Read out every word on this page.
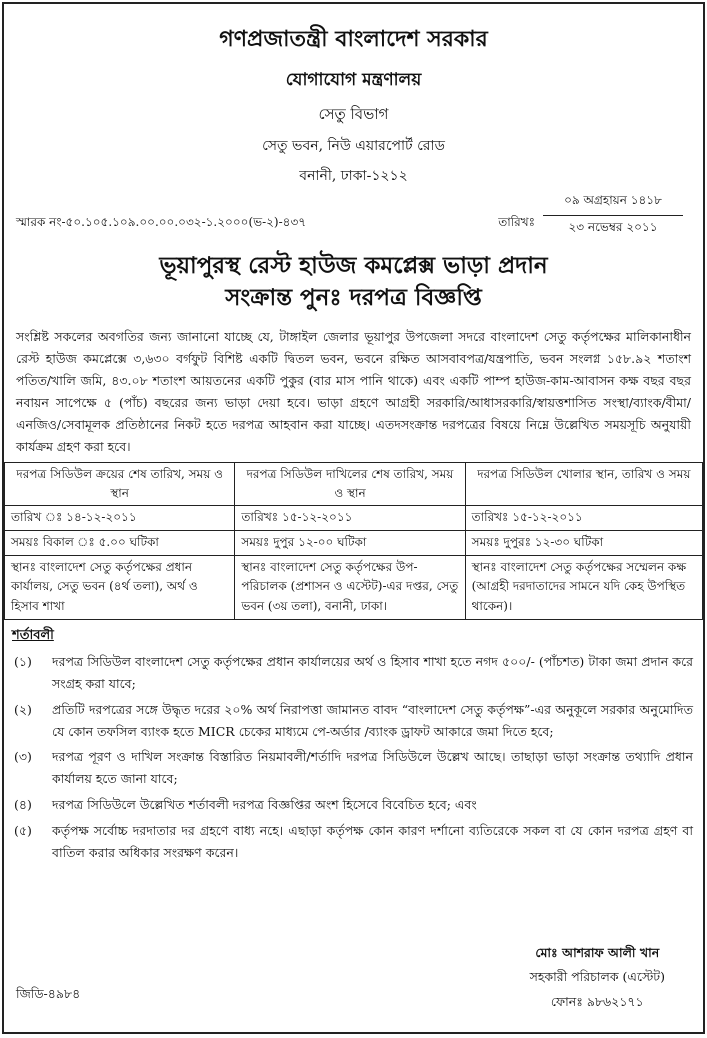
গণপ্রজাতন্ত্রী বাংলাদেশ সরকার
যোগাযোগ মন্ত্রণালয়
সেতু বিভাগ
সেতু ভবন, নিউ এয়ারপোর্ট রোড
বনানী, ঢাকা-১২১২
স্মারক নং-৫০.১০৫.১০৯.০০.০০.০৩২-১.২০০০(ভ-২)-৪৩৭	তারিখঃ
০৯ অগ্রহায়ন ১৪১৮
২৩ নভেম্বর ২০১১
ভূয়াপুরস্থ রেস্ট হাউজ কমপ্লেক্স ভাড়া প্রদান
সংক্রান্ত পুনঃ দরপত্র বিজ্ঞপ্তি
সংশ্লিষ্ট সকলের অবগতির জন্য জানানো যাচ্ছে যে, টাঙ্গাইল জেলার ভূয়াপুর উপজেলা সদরে বাংলাদেশ সেতু কর্তৃপক্ষের মালিকানাধীন রেস্ট হাউজ কমপ্লেক্সে ৩,৬৩০ বর্গফুট বিশিষ্ট একটি দ্বিতল ভবন, ভবনে রক্ষিত আসবাবপত্র/যন্ত্রপাতি, ভবন সংলগ্ন ১৫৮.৯২ শতাংশ পতিত/খালি জমি, ৪৩.০৮ শতাংশ আয়তনের একটি পুকুর (বার মাস পানি থাকে) এবং একটি পাম্প হাউজ-কাম-আবাসন কক্ষ বছর বছর নবায়ন সাপেক্ষে ৫ (পাঁচ) বছরের জন্য ভাড়া দেয়া হবে। ভাড়া গ্রহণে আগ্রহী সরকারি/আধাসরকারি/স্বায়ত্তশাসিত সংস্থা/ব্যাংক/বীমা/এনজিও/সেবামূলক প্রতিষ্ঠানের নিকট হতে দরপত্র আহবান করা যাচ্ছে। এতদসংক্রান্ত দরপত্রের বিষয়ে নিম্নে উল্লেখিত সময়সূচি অনুযায়ী কার্যক্রম গ্রহণ করা হবে।
দরপত্র সিডিউল ক্রয়ের শেষ তারিখ, সময় ও স্থান	দরপত্র সিডিউল দাখিলের শেষ তারিখ, সময় ও স্থান	দরপত্র সিডিউল খোলার স্থান, তারিখ ও সময়
তারিখ ঃ ১৪-১২-২০১১	তারিখঃ ১৫-১২-২০১১	তারিখঃ ১৫-১২-২০১১
সময়ঃ বিকাল ঃ ৫.০০ ঘটিকা	সময়ঃ দুপুর ১২-০০ ঘটিকা	সময়ঃ দুপুরঃ ১২-৩০ ঘটিকা
স্থানঃ বাংলাদেশ সেতু কর্তৃপক্ষের প্রধান কার্যালয়, সেতু ভবন (৪র্থ তলা), অর্থ ও হিসাব শাখা	স্থানঃ বাংলাদেশ সেতু কর্তৃপক্ষের উপ-পরিচালক (প্রশাসন ও এস্টেট)-এর দপ্তর, সেতু ভবন (৩য় তলা), বনানী, ঢাকা।	স্থানঃ বাংলাদেশ সেতু কর্তৃপক্ষের সম্মেলন কক্ষ (আগ্রহী দরদাতাদের সামনে যদি কেহ উপস্থিত থাকেন)।
শর্তাবলী
(১)	দরপত্র সিডিউল বাংলাদেশ সেতু কর্তৃপক্ষের প্রধান কার্যালয়ের অর্থ ও হিসাব শাখা হতে নগদ ৫০০/- (পাঁচশত) টাকা জমা প্রদান করে সংগ্রহ করা যাবে;
(২)	প্রতিটি দরপত্রের সঙ্গে উদ্ধৃত দরের ২০% অর্থ নিরাপত্তা জামানত বাবদ “বাংলাদেশ সেতু কর্তৃপক্ষ”-এর অনুকূলে সরকার অনুমোদিত যে কোন তফসিল ব্যাংক হতে MICR চেকের মাধ্যমে পে-অর্ডার /ব্যাংক ড্রাফট আকারে জমা দিতে হবে;
(৩)	দরপত্র পূরণ ও দাখিল সংক্রান্ত বিস্তারিত নিয়মাবলী/শর্তাদি দরপত্র সিডিউলে উল্লেখ আছে। তাছাড়া ভাড়া সংক্রান্ত তথ্যাদি প্রধান কার্যালয় হতে জানা যাবে;
(৪)	দরপত্র সিডিউলে উল্লেখিত শর্তাবলী দরপত্র বিজ্ঞপ্তির অংশ হিসেবে বিবেচিত হবে; এবং
(৫)	কর্তৃপক্ষ সর্বোচ্চ দরদাতার দর গ্রহণে বাধ্য নহে। এছাড়া কর্তৃপক্ষ কোন কারণ দর্শানো ব্যতিরেকে সকল বা যে কোন দরপত্র গ্রহণ বা বাতিল করার অধিকার সংরক্ষণ করেন।
জিডি-৪৯৮৪
মোঃ আশরাফ আলী খান
সহকারী পরিচালক (এস্টেট)
ফোনঃ ৯৮৬২১৭১
